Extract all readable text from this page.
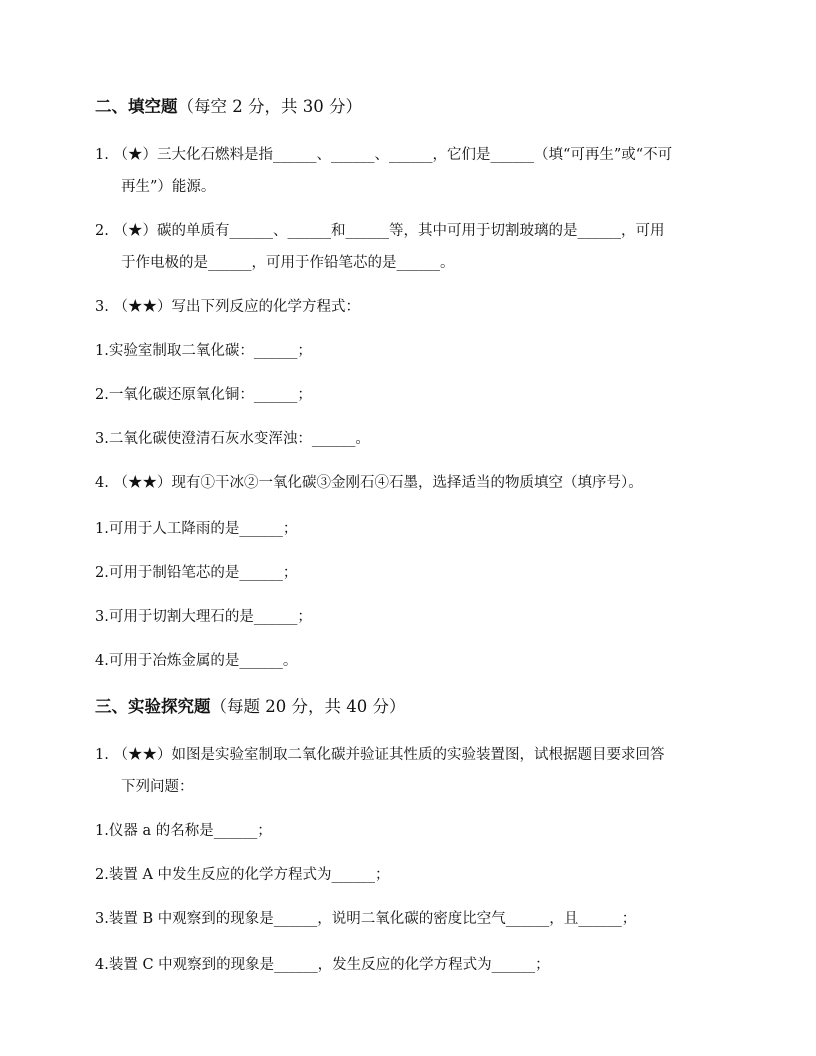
二、填空题（每空 2 分，共 30 分）
1. （★）三大化石燃料是指______、______、______，它们是______（填“可再生”或“不可
再生”）能源。
2. （★）碳的单质有______、______和______等，其中可用于切割玻璃的是______，可用
于作电极的是______，可用于作铅笔芯的是______。
3. （★★）写出下列反应的化学方程式：
1.实验室制取二氧化碳：______；
2.一氧化碳还原氧化铜：______；
3.二氧化碳使澄清石灰水变浑浊：______。
4. （★★）现有①干冰②一氧化碳③金刚石④石墨，选择适当的物质填空（填序号）。
1.可用于人工降雨的是______；
2.可用于制铅笔芯的是______；
3.可用于切割大理石的是______；
4.可用于冶炼金属的是______。
三、实验探究题（每题 20 分，共 40 分）
1. （★★）如图是实验室制取二氧化碳并验证其性质的实验装置图，试根据题目要求回答
下列问题：
1.仪器 a 的名称是______；
2.装置 A 中发生反应的化学方程式为______；
3.装置 B 中观察到的现象是______，说明二氧化碳的密度比空气______，且______；
4.装置 C 中观察到的现象是______，发生反应的化学方程式为______；
